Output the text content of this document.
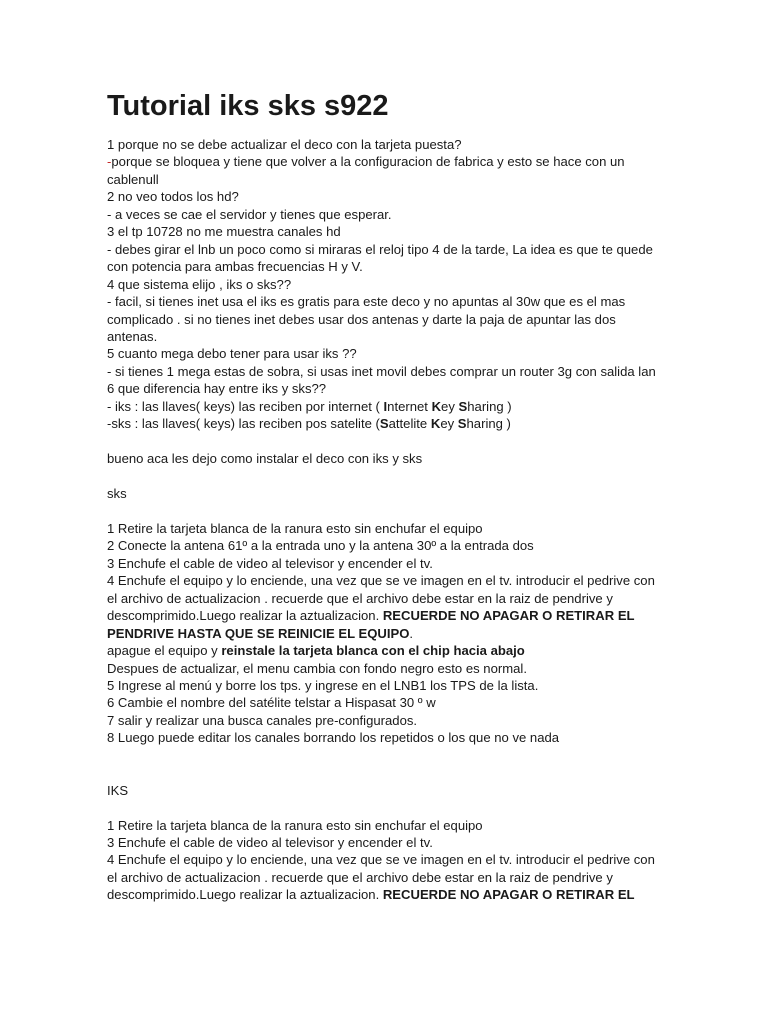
Tutorial iks sks s922
1 porque no se debe actualizar el deco con la tarjeta puesta?
-porque se bloquea y tiene que volver a la configuracion de fabrica y esto se hace con un
cablenull
2 no veo todos los hd?
- a veces se cae el servidor y tienes que esperar.
3 el tp 10728 no me muestra canales hd
- debes girar el lnb un poco como si miraras el reloj tipo 4 de la tarde, La idea es que te quede
con potencia para ambas frecuencias H y V.
4 que sistema elijo , iks o sks??
- facil, si tienes inet usa el iks es gratis para este deco y no apuntas al 30w que es el mas
complicado . si no tienes inet debes usar dos antenas y darte la paja de apuntar las dos
antenas.
5 cuanto mega debo tener para usar iks ??
- si tienes 1 mega estas de sobra, si usas inet movil debes comprar un router 3g con salida lan
6 que diferencia hay entre iks y sks??
- iks : las llaves( keys) las reciben por internet ( Internet Key Sharing )
-sks : las llaves( keys) las reciben pos satelite (Sattelite Key Sharing )
bueno aca les dejo como instalar el deco con iks y sks
sks
1 Retire la tarjeta blanca de la ranura esto sin enchufar el equipo
2 Conecte la antena 61º a la entrada uno y la antena 30º a la entrada dos
3 Enchufe el cable de video al televisor y encender el tv.
4 Enchufe el equipo y lo enciende, una vez que se ve imagen en el tv. introducir el pedrive con
el archivo de actualizacion . recuerde que el archivo debe estar en la raiz de pendrive y
descomprimido.Luego realizar la aztualizacion. RECUERDE NO APAGAR O RETIRAR EL
PENDRIVE HASTA QUE SE REINICIE EL EQUIPO.
apague el equipo y reinstale la tarjeta blanca con el chip hacia abajo
Despues de actualizar, el menu cambia con fondo negro esto es normal.
5 Ingrese al menú y borre los tps. y ingrese en el LNB1 los TPS de la lista.
6 Cambie el nombre del satélite telstar a Hispasat 30 º w
7 salir y realizar una busca canales pre-configurados.
8 Luego puede editar los canales borrando los repetidos o los que no ve nada
IKS
1 Retire la tarjeta blanca de la ranura esto sin enchufar el equipo
3 Enchufe el cable de video al televisor y encender el tv.
4 Enchufe el equipo y lo enciende, una vez que se ve imagen en el tv. introducir el pedrive con
el archivo de actualizacion . recuerde que el archivo debe estar en la raiz de pendrive y
descomprimido.Luego realizar la aztualizacion. RECUERDE NO APAGAR O RETIRAR EL
